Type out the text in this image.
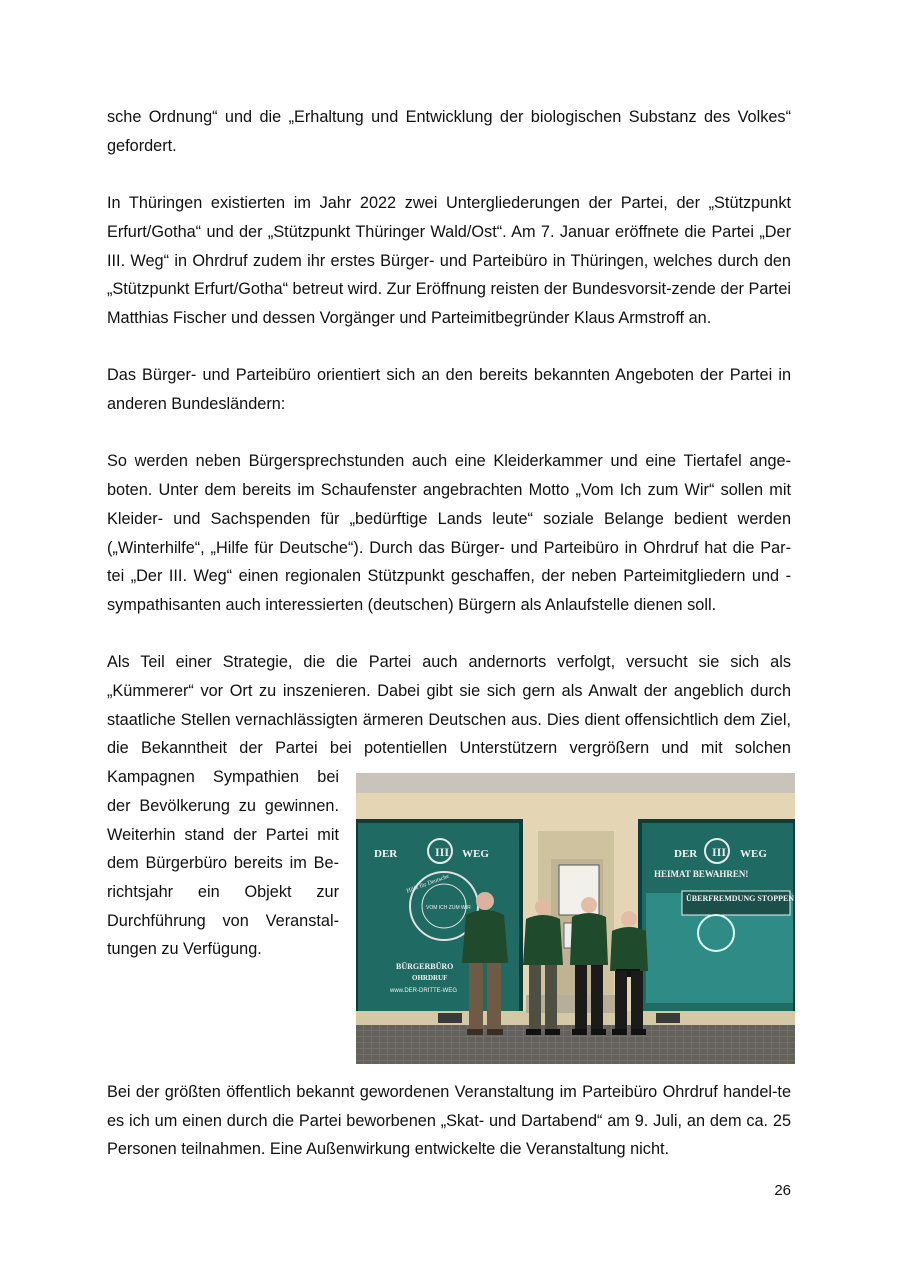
sche Ordnung“ und die „Erhaltung und Entwicklung der biologischen Substanz des Volkes“ gefordert.

In Thüringen existierten im Jahr 2022 zwei Untergliederungen der Partei, der „Stützpunkt Erfurt/Gotha“ und der „Stützpunkt Thüringer Wald/Ost“. Am 7. Januar eröffnete die Partei „Der III. Weg“ in Ohrdruf zudem ihr erstes Bürger- und Parteibüro in Thüringen, welches durch den „Stützpunkt Erfurt/Gotha“ betreut wird. Zur Eröffnung reisten der Bundesvorsit-zende der Partei Matthias Fischer und dessen Vorgänger und Parteimitbegründer Klaus Armstroff an.

Das Bürger- und Parteibüro orientiert sich an den bereits bekannten Angeboten der Partei in anderen Bundesländern:

So werden neben Bürgersprechstunden auch eine Kleiderkammer und eine Tiertafel ange-boten. Unter dem bereits im Schaufenster angebrachten Motto „Vom Ich zum Wir“ sollen mit Kleider- und Sachspenden für „bedürftige Lands leute“ soziale Belange bedient werden („Winterhilfe“, „Hilfe für Deutsche“). Durch das Bürger- und Parteibüro in Ohrdruf hat die Par-tei „Der III. Weg“ einen regionalen Stützpunkt geschaffen, der neben Parteimitgliedern und -sympathisanten auch interessierten (deutschen) Bürgern als Anlaufstelle dienen soll.

Als Teil einer Strategie, die die Partei auch andernorts verfolgt, versucht sie sich als „Kümmerer“ vor Ort zu inszenieren. Dabei gibt sie sich gern als Anwalt der angeblich durch staatliche Stellen vernachlässigten ärmeren Deutschen aus. Dies dient offensichtlich dem Ziel, die Bekanntheit der Partei bei potentiellen Unterstützern vergrößern und mit solchen Kampagnen Sympathien bei der Bevölkerung zu gewinnen. Weiterhin stand der Partei mit dem Bürgerbüro bereits im Be-richtsjahr ein Objekt zur Durchführung von Veranstal-tungen zu Verfügung.

Bei der größten öffentlich bekannt gewordenen Veranstaltung im Parteibüro Ohrdruf handel-te es ich um einen durch die Partei beworbenen „Skat- und Dartabend“ am 9. Juli, an dem ca. 25 Personen teilnahmen. Eine Außenwirkung entwickelte die Veranstaltung nicht.

DER	WEG
III
Hilfe für Deutsche
VOM ICH ZUM WIR
BÜRGERBÜRO
OHRDRUF
www.DER-DRITTE-WEG
DER	WEG
III
HEIMAT BEWAHREN!
ÜBERFREMDUNG STOPPEN!
26
